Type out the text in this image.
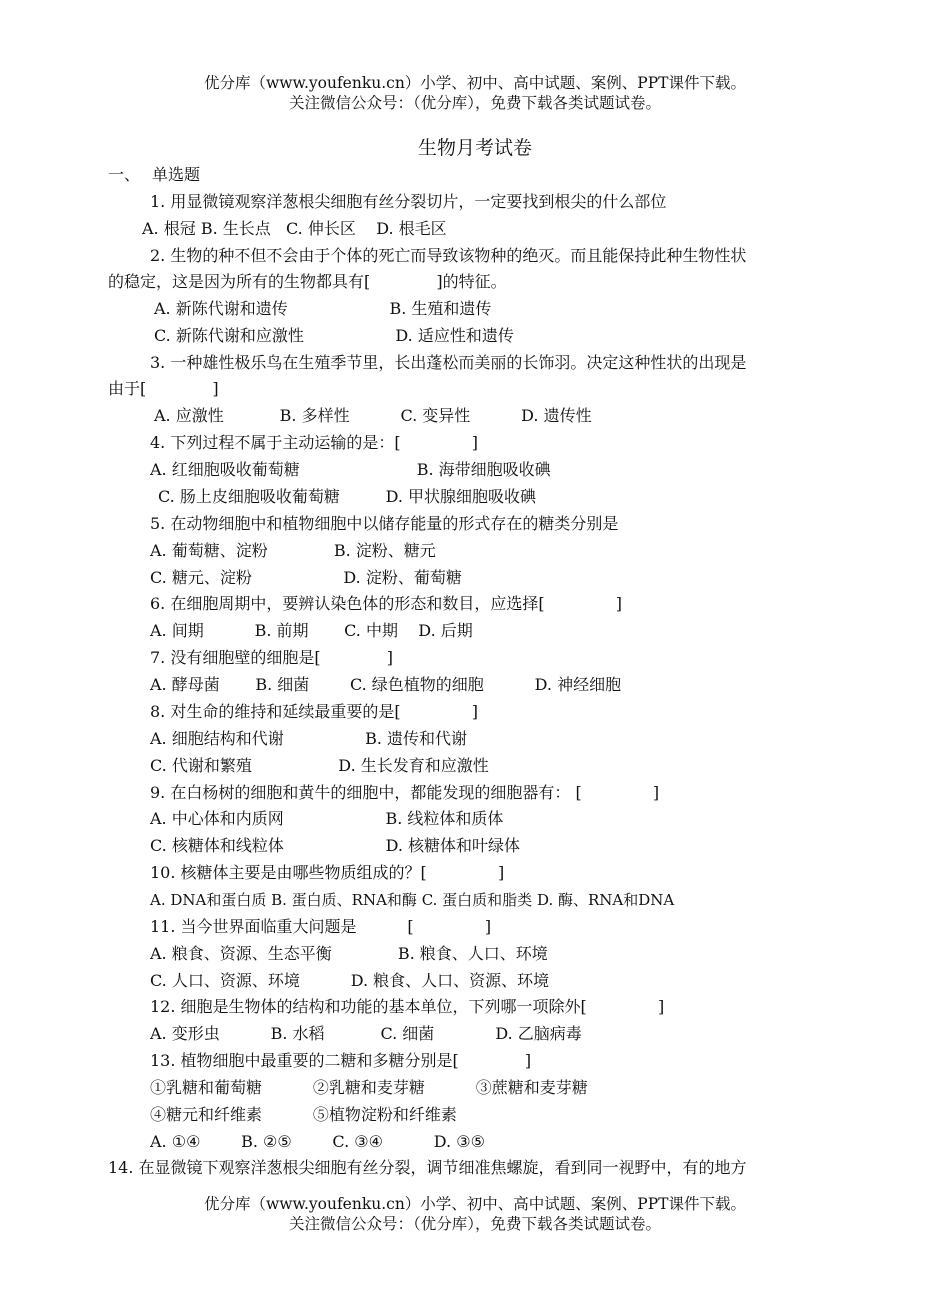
优分库（www.youfenku.cn）小学、初中、高中试题、案例、PPT课件下载。
关注微信公众号：（优分库），免费下载各类试题试卷。
生物月考试卷
一、 单选题
1. 用显微镜观察洋葱根尖细胞有丝分裂切片，一定要找到根尖的什么部位
A. 根冠 B. 生长点   C. 伸长区    D. 根毛区
2. 生物的种不但不会由于个体的死亡而导致该物种的绝灭。而且能保持此种生物性状
的稳定，这是因为所有的生物都具有[             ]的特征。
A. 新陈代谢和遗传                    B. 生殖和遗传
C. 新陈代谢和应激性                  D. 适应性和遗传
3. 一种雄性极乐鸟在生殖季节里，长出蓬松而美丽的长饰羽。决定这种性状的出现是
由于[             ]
A. 应激性           B. 多样性          C. 变异性          D. 遗传性
4. 下列过程不属于主动运输的是：[              ]
A. 红细胞吸收葡萄糖                       B. 海带细胞吸收碘
C. 肠上皮细胞吸收葡萄糖         D. 甲状腺细胞吸收碘
5. 在动物细胞中和植物细胞中以储存能量的形式存在的糖类分别是
A. 葡萄糖、淀粉             B. 淀粉、糖元
C. 糖元、淀粉                  D. 淀粉、葡萄糖
6. 在细胞周期中，要辨认染色体的形态和数目，应选择[              ]
A. 间期          B. 前期       C. 中期    D. 后期
7. 没有细胞壁的细胞是[             ]
A. 酵母菌       B. 细菌        C. 绿色植物的细胞          D. 神经细胞
8. 对生命的维持和延续最重要的是[              ]
A. 细胞结构和代谢                B. 遗传和代谢
C. 代谢和繁殖                 D. 生长发育和应激性
9. 在白杨树的细胞和黄牛的细胞中，都能发现的细胞器有： [              ]
A. 中心体和内质网                    B. 线粒体和质体
C. 核糖体和线粒体                    D. 核糖体和叶绿体
10. 核糖体主要是由哪些物质组成的？[              ]
A. DNA和蛋白质 B. 蛋白质、RNA和酶 C. 蛋白质和脂类 D. 酶、RNA和DNA
11. 当今世界面临重大问题是          [              ]
A. 粮食、资源、生态平衡             B. 粮食、人口、环境
C. 人口、资源、环境          D. 粮食、人口、资源、环境
12. 细胞是生物体的结构和功能的基本单位，下列哪一项除外[              ]
A. 变形虫          B. 水稻           C. 细菌            D. 乙脑病毒
13. 植物细胞中最重要的二糖和多糖分别是[             ]
①乳糖和葡萄糖          ②乳糖和麦芽糖          ③蔗糖和麦芽糖
④糖元和纤维素          ⑤植物淀粉和纤维素
A. ①④        B. ②⑤        C. ③④          D. ③⑤
14. 在显微镜下观察洋葱根尖细胞有丝分裂，调节细准焦螺旋，看到同一视野中，有的地方
优分库（www.youfenku.cn）小学、初中、高中试题、案例、PPT课件下载。
关注微信公众号：（优分库），免费下载各类试题试卷。
